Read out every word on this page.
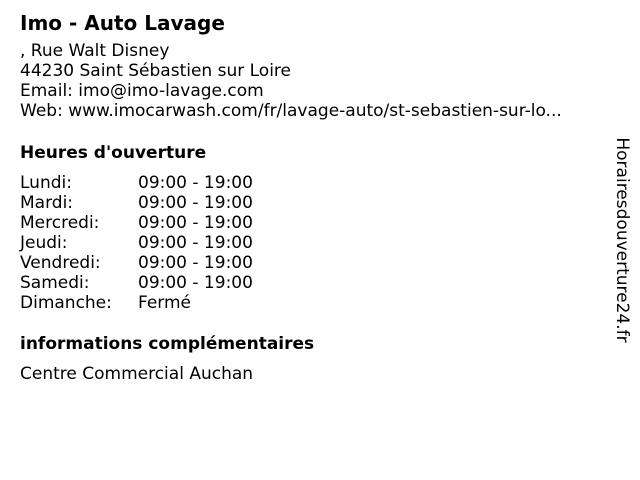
Imo - Auto Lavage
, Rue Walt Disney
44230 Saint Sébastien sur Loire
Email: imo@imo-lavage.com
Web: www.imocarwash.com/fr/lavage-auto/st-sebastien-sur-lo...
Heures d'ouverture
Lundi:	09:00 - 19:00
Mardi:	09:00 - 19:00
Mercredi:	09:00 - 19:00
Jeudi:	09:00 - 19:00
Vendredi:	09:00 - 19:00
Samedi:	09:00 - 19:00
Dimanche:	Fermé
informations complémentaires
Centre Commercial Auchan
Horairesdouverture24.fr
